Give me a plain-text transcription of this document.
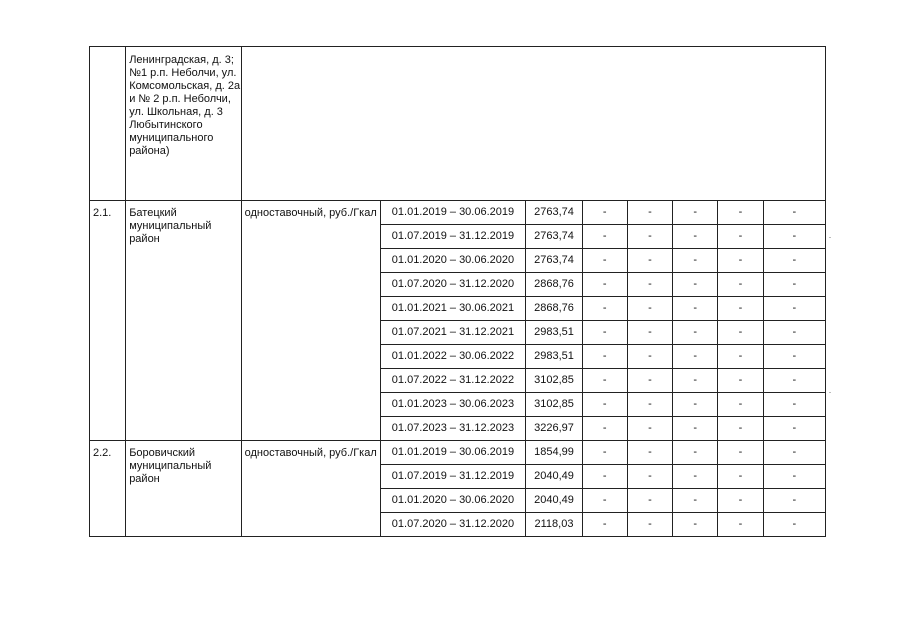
	Ленинградская, д. 3; №1 р.п. Неболчи, ул. Комсомольская, д. 2а и № 2 р.п. Неболчи, ул. Школьная, д. 3 Любытинского муниципального района)								
2.1.	Батецкий муниципальный район	одноставочный, руб./Гкал	01.01.2019 – 30.06.2019	2763,74	-	-	-	-	-
			01.07.2019 – 31.12.2019	2763,74	-	-	-	-	-
			01.01.2020 – 30.06.2020	2763,74	-	-	-	-	-
			01.07.2020 – 31.12.2020	2868,76	-	-	-	-	-
			01.01.2021 – 30.06.2021	2868,76	-	-	-	-	-
			01.07.2021 – 31.12.2021	2983,51	-	-	-	-	-
			01.01.2022 – 30.06.2022	2983,51	-	-	-	-	-
			01.07.2022 – 31.12.2022	3102,85	-	-	-	-	-
			01.01.2023 – 30.06.2023	3102,85	-	-	-	-	-
			01.07.2023 – 31.12.2023	3226,97	-	-	-	-	-
2.2.	Боровичский муниципальный район	одноставочный, руб./Гкал	01.01.2019 – 30.06.2019	1854,99	-	-	-	-	-
			01.07.2019 – 31.12.2019	2040,49	-	-	-	-	-
			01.01.2020 – 30.06.2020	2040,49	-	-	-	-	-
			01.07.2020 – 31.12.2020	2118,03	-	-	-	-	-
